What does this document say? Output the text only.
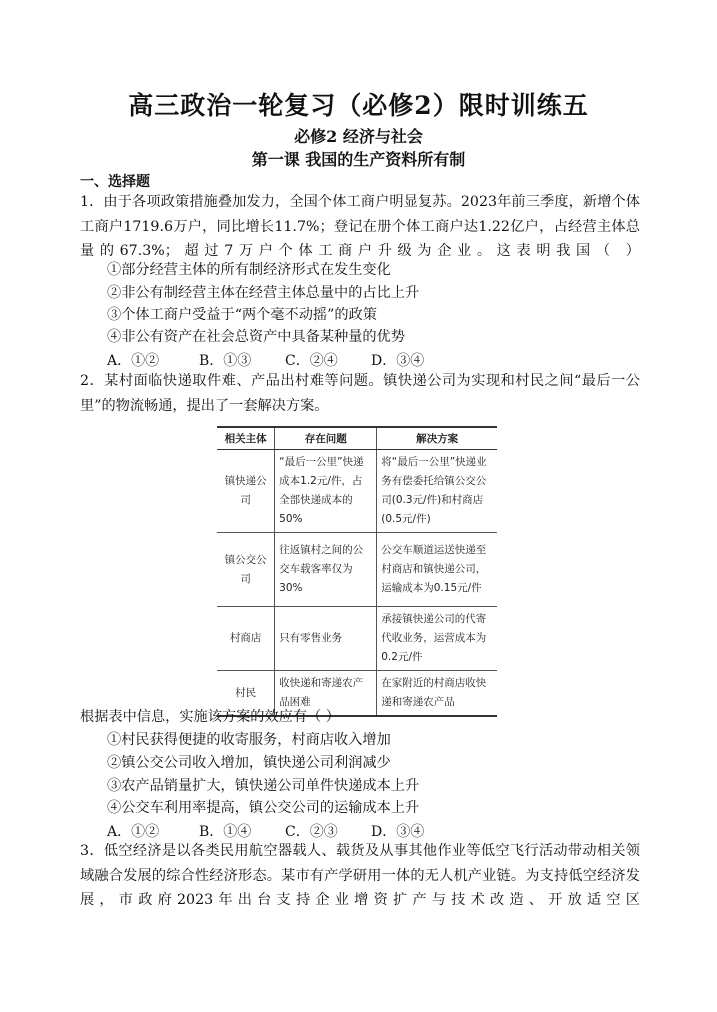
高三政治一轮复习（必修2）限时训练五
必修2 经济与社会
第一课 我国的生产资料所有制
一、选择题
1．由于各项政策措施叠加发力，全国个体工商户明显复苏。2023年前三季度，新增个体工商户1719.6万户，同比增长11.7%；登记在册个体工商户达1.22亿户，占经营主体总量的67.3%；超过7万户个体工商户升级为企业。这表明我国（ ）
①部分经营主体的所有制经济形式在发生变化
②非公有制经营主体在经营主体总量中的占比上升
③个体工商户受益于“两个毫不动摇”的政策
④非公有资产在社会总资产中具备某种量的优势
A．①②	B．①③ C．②④ D．③④
2．某村面临快递取件难、产品出村难等问题。镇快递公司为实现和村民之间“最后一公里”的物流畅通，提出了一套解决方案。
相关主体	存在问题	解决方案
镇快递公司	“最后一公里”快递成本1.2元/件，占全部快递成本的50%	将“最后一公里”快递业务有偿委托给镇公交公司(0.3元/件)和村商店(0.5元/件)
镇公交公司	往返镇村之间的公交车载客率仅为30%	公交车顺道运送快递至村商店和镇快递公司，运输成本为0.15元/件
村商店	只有零售业务	承接镇快递公司的代寄代收业务，运营成本为0.2元/件
村民	收快递和寄递农产品困难	在家附近的村商店收快递和寄递农产品
根据表中信息，实施该方案的效应有（ ）
①村民获得便捷的收寄服务，村商店收入增加
②镇公交公司收入增加，镇快递公司利润减少
③农产品销量扩大，镇快递公司单件快递成本上升
④公交车利用率提高，镇公交公司的运输成本上升
A．①②	B．①④ C．②③ D．③④
3．低空经济是以各类民用航空器载人、载货及从事其他作业等低空飞行活动带动相关领域融合发展的综合性经济形态。某市有产学研用一体的无人机产业链。为支持低空经济发展，市政府2023年出台支持企业增资扩产与技术改造、开放适空区
